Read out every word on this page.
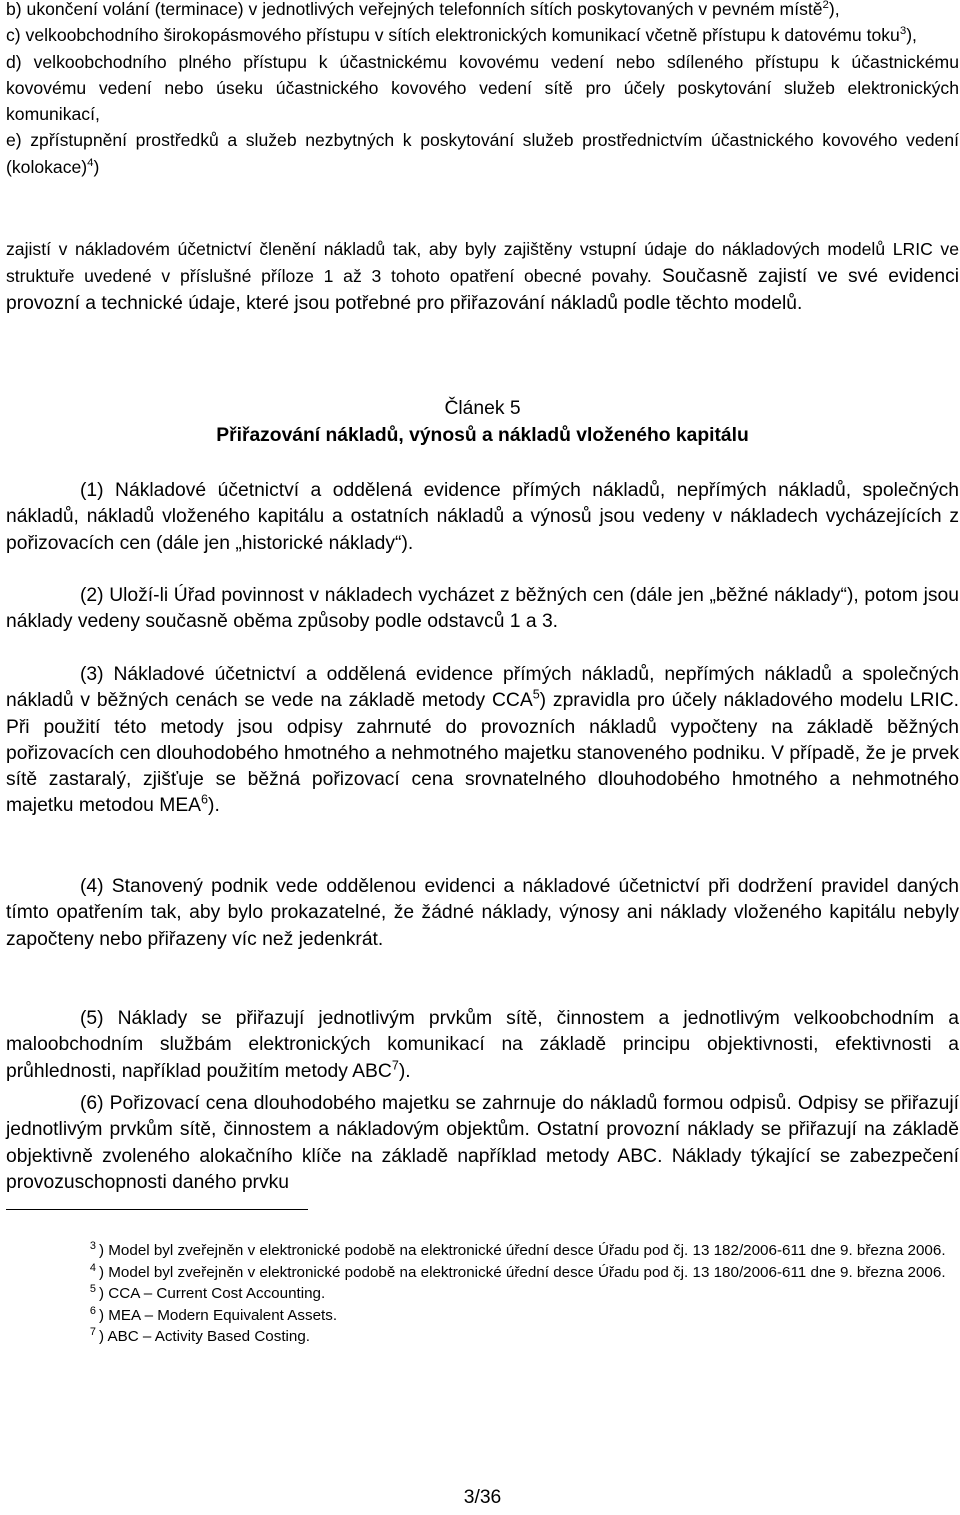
b) ukončení volání (terminace) v jednotlivých veřejných telefonních sítích poskytovaných v pevném místě$^2$),

c) velkoobchodního širokopásmového přístupu v sítích elektronických komunikací včetně přístupu k datovému toku$^3$),

d) velkoobchodního plného přístupu k účastnickému kovovému vedení nebo sdíleného přístupu k účastnickému kovovému vedení nebo úseku účastnického kovového vedení sítě pro účely poskytování služeb elektronických komunikací,

e) zpřístupnění prostředků a služeb nezbytných k poskytování služeb prostřednictvím účastnického kovového vedení (kolokace)$^4$)

zajistí v nákladovém účetnictví členění nákladů tak, aby byly zajištěny vstupní údaje do nákladových modelů LRIC ve struktuře uvedené v příslušné příloze 1 až 3 tohoto opatření obecné povahy. Současně zajistí ve své evidenci provozní a technické údaje, které jsou potřebné pro přiřazování nákladů podle těchto modelů.

Článek 5

Přiřazování nákladů, výnosů a nákladů vloženého kapitálu

(1) Nákladové účetnictví a oddělená evidence přímých nákladů, nepřímých nákladů, společných nákladů, nákladů vloženého kapitálu a ostatních nákladů a výnosů jsou vedeny v nákladech vycházejících z pořizovacích cen (dále jen „historické náklady“).

(2) Uloží-li Úřad povinnost v nákladech vycházet z běžných cen (dále jen „běžné náklady“), potom jsou náklady vedeny současně oběma způsoby podle odstavců 1 a 3.

(3) Nákladové účetnictví a oddělená evidence přímých nákladů, nepřímých nákladů a společných nákladů v běžných cenách se vede na základě metody CCA$^5$) zpravidla pro účely nákladového modelu LRIC. Při použití této metody jsou odpisy zahrnuté do provozních nákladů vypočteny na základě běžných pořizovacích cen dlouhodobého hmotného a nehmotného majetku stanoveného podniku. V případě, že je prvek sítě zastaralý, zjišťuje se běžná pořizovací cena srovnatelného dlouhodobého hmotného a nehmotného majetku metodou MEA$^6$).

(4) Stanovený podnik vede oddělenou evidenci a nákladové účetnictví při dodržení pravidel daných tímto opatřením tak, aby bylo prokazatelné, že žádné náklady, výnosy ani náklady vloženého kapitálu nebyly započteny nebo přiřazeny víc než jedenkrát.

(5) Náklady se přiřazují jednotlivým prvkům sítě, činnostem a jednotlivým velkoobchodním a maloobchodním službám elektronických komunikací na základě principu objektivnosti, efektivnosti a průhlednosti, například použitím metody ABC$^7$).

(6) Pořizovací cena dlouhodobého majetku se zahrnuje do nákladů formou odpisů. Odpisy se přiřazují jednotlivým prvkům sítě, činnostem a nákladovým objektům. Ostatní provozní náklady se přiřazují na základě objektivně zvoleného alokačního klíče na základě například metody ABC. Náklady týkající se zabezpečení provozuschopnosti daného prvku

$^3$ ) Model byl zveřejněn v elektronické podobě na elektronické úřední desce Úřadu pod čj. 13 182/2006-611 dne 9. března 2006.
$^4$ ) Model byl zveřejněn v elektronické podobě na elektronické úřední desce Úřadu pod čj. 13 180/2006-611 dne 9. března 2006.
$^5$ ) CCA – Current Cost Accounting.
$^6$ ) MEA – Modern Equivalent Assets.
$^7$ ) ABC – Activity Based Costing.
3/36
